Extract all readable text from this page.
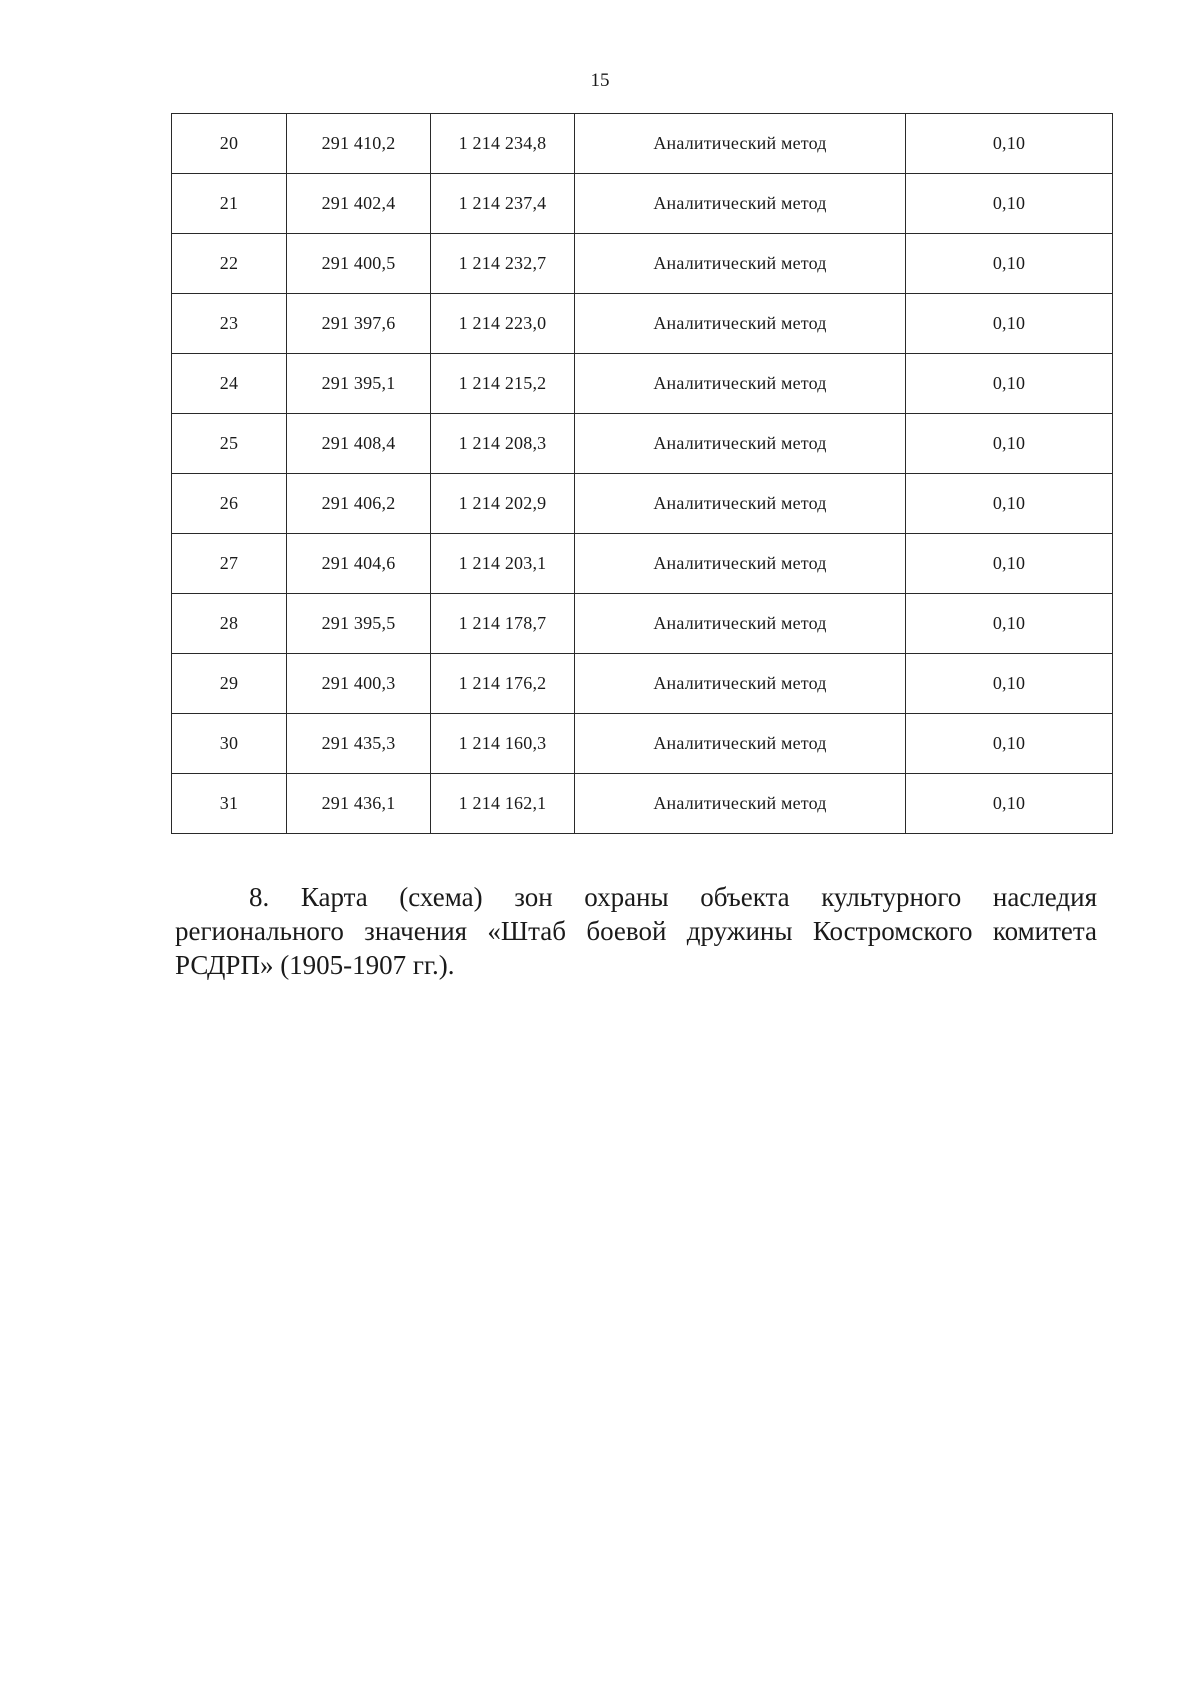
15
20	291 410,2	1 214 234,8	Аналитический метод	0,10
21	291 402,4	1 214 237,4	Аналитический метод	0,10
22	291 400,5	1 214 232,7	Аналитический метод	0,10
23	291 397,6	1 214 223,0	Аналитический метод	0,10
24	291 395,1	1 214 215,2	Аналитический метод	0,10
25	291 408,4	1 214 208,3	Аналитический метод	0,10
26	291 406,2	1 214 202,9	Аналитический метод	0,10
27	291 404,6	1 214 203,1	Аналитический метод	0,10
28	291 395,5	1 214 178,7	Аналитический метод	0,10
29	291 400,3	1 214 176,2	Аналитический метод	0,10
30	291 435,3	1 214 160,3	Аналитический метод	0,10
31	291 436,1	1 214 162,1	Аналитический метод	0,10
8. Карта (схема) зон охраны объекта культурного наследия регионального значения «Штаб боевой дружины Костромского комитета РСДРП» (1905-1907 гг.).
